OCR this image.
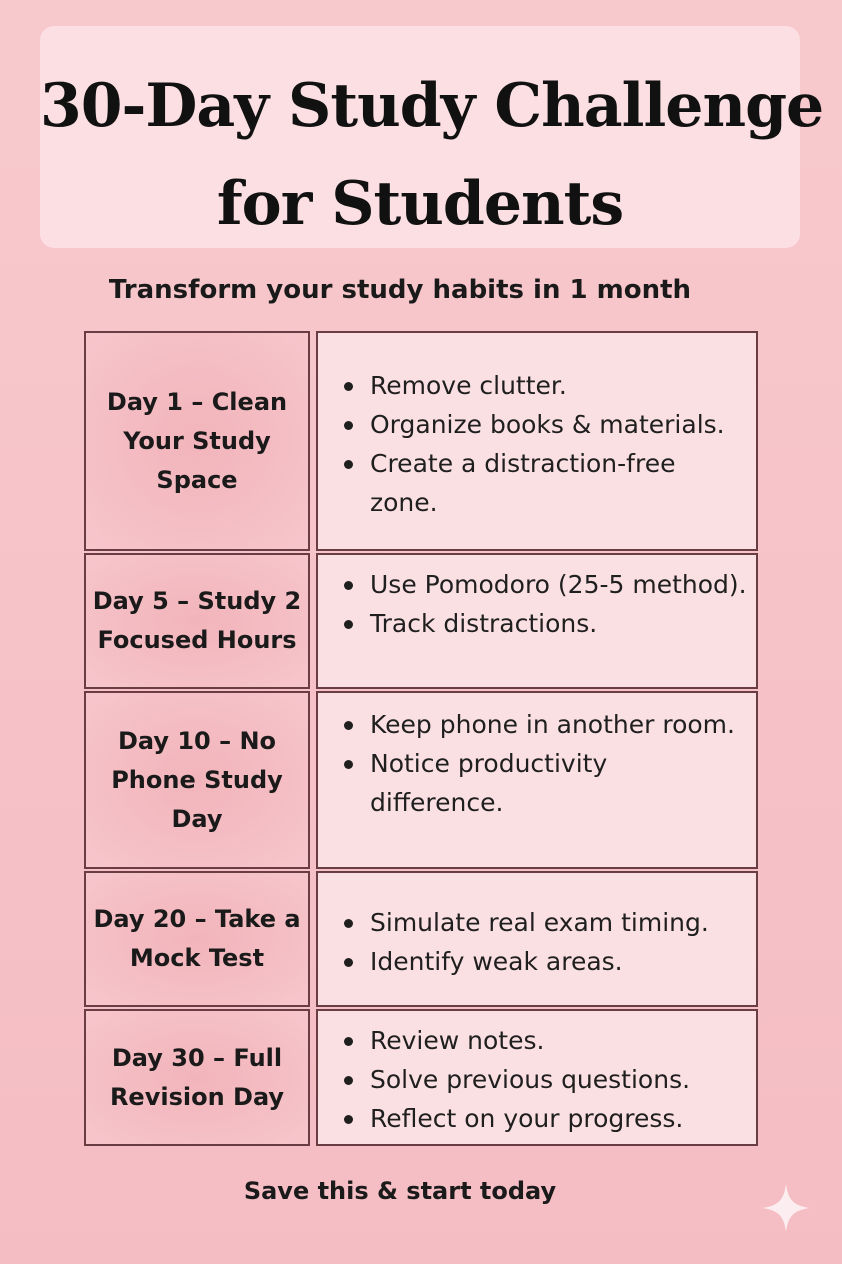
30-Day Study Challenge
for Students
Transform your study habits in 1 month
Day 1 – Clean
Your Study
Space
Remove clutter.
Organize books & materials.
Create a distraction-free zone.
Day 5 – Study 2
Focused Hours
Use Pomodoro (25-5 method).
Track distractions.
Day 10 – No
Phone Study
Day
Keep phone in another room.
Notice productivity difference.
Day 20 – Take a
Mock Test
Simulate real exam timing.
Identify weak areas.
Day 30 – Full
Revision Day
Review notes.
Solve previous questions.
Reflect on your progress.
Save this & start today
